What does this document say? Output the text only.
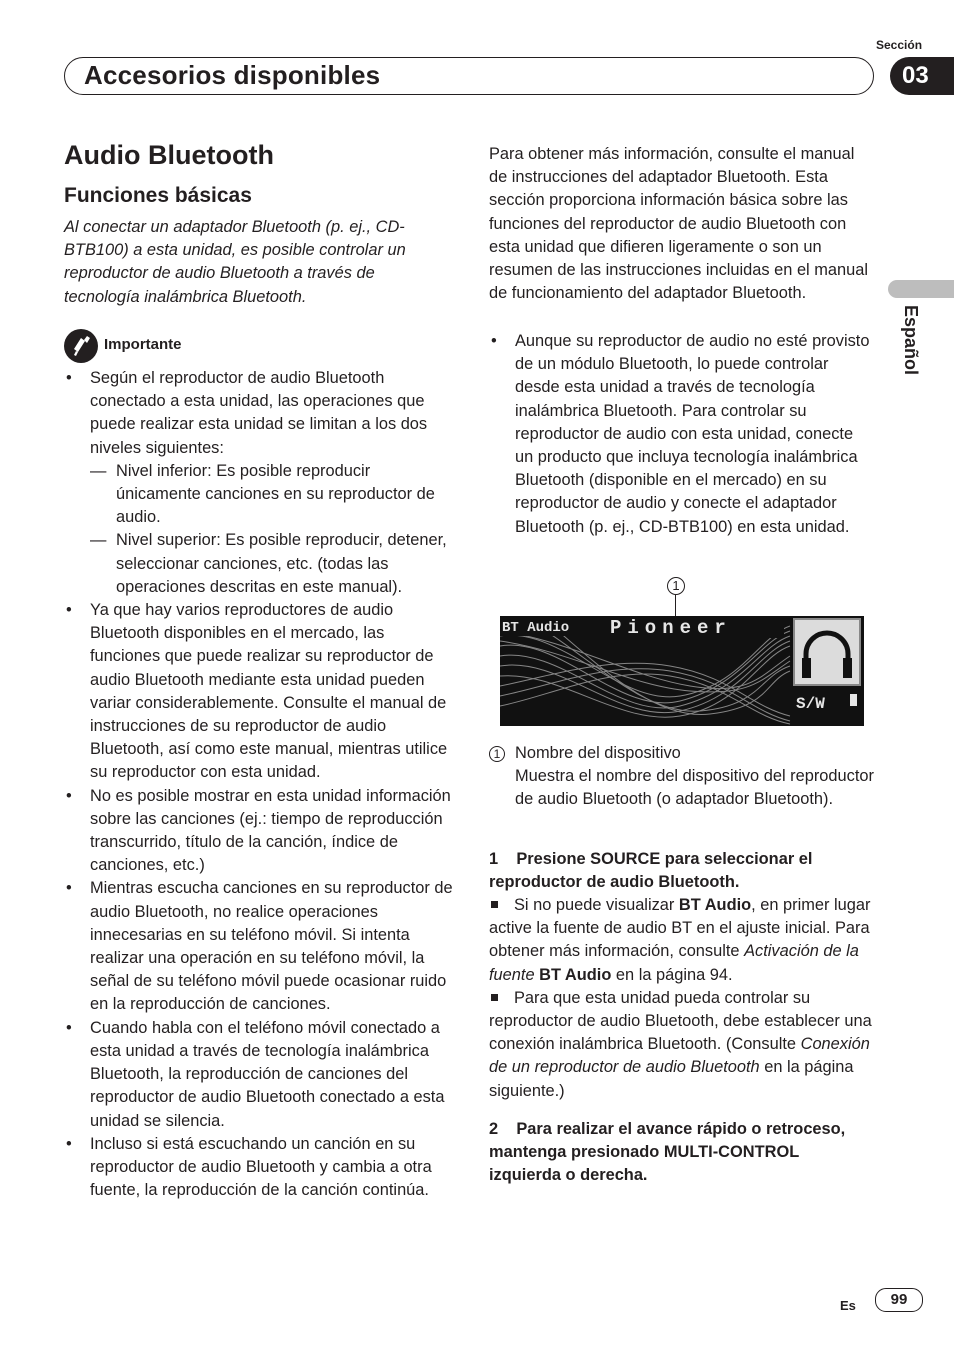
Sección
Accesorios disponibles	03
Español
Audio Bluetooth
Funciones básicas

Al conectar un adaptador Bluetooth (p. ej., CD-BTB100) a esta unidad, es posible controlar un reproductor de audio Bluetooth a través de tecnología inalámbrica Bluetooth.

Importante
• Según el reproductor de audio Bluetooth conectado a esta unidad, las operaciones que puede realizar esta unidad se limitan a los dos niveles siguientes:
— Nivel inferior: Es posible reproducir únicamente canciones en su reproductor de audio.
— Nivel superior: Es posible reproducir, detener, seleccionar canciones, etc. (todas las operaciones descritas en este manual).
• Ya que hay varios reproductores de audio Bluetooth disponibles en el mercado, las funciones que puede realizar su reproductor de audio Bluetooth mediante esta unidad pueden variar considerablemente. Consulte el manual de instrucciones de su reproductor de audio Bluetooth, así como este manual, mientras utilice su reproductor con esta unidad.
• No es posible mostrar en esta unidad información sobre las canciones (ej.: tiempo de reproducción transcurrido, título de la canción, índice de canciones, etc.)
• Mientras escucha canciones en su reproductor de audio Bluetooth, no realice operaciones innecesarias en su teléfono móvil. Si intenta realizar una operación en su teléfono móvil, la señal de su teléfono móvil puede ocasionar ruido en la reproducción de canciones.
• Cuando habla con el teléfono móvil conectado a esta unidad a través de tecnología inalámbrica Bluetooth, la reproducción de canciones del reproductor de audio Bluetooth conectado a esta unidad se silencia.
• Incluso si está escuchando un canción en su reproductor de audio Bluetooth y cambia a otra fuente, la reproducción de la canción continúa.

Para obtener más información, consulte el manual de instrucciones del adaptador Bluetooth. Esta sección proporciona información básica sobre las funciones del reproductor de audio Bluetooth con esta unidad que difieren ligeramente o son un resumen de las instrucciones incluidas en el manual de funcionamiento del adaptador Bluetooth.

• Aunque su reproductor de audio no esté provisto de un módulo Bluetooth, lo puede controlar desde esta unidad a través de tecnología inalámbrica Bluetooth. Para controlar su reproductor de audio con esta unidad, conecte un producto que incluya tecnología inalámbrica Bluetooth (disponible en el mercado) en su reproductor de audio y conecte el adaptador Bluetooth (p. ej., CD-BTB100) en esta unidad.
1
BT Audio Pioneer
S/W
1 Nombre del dispositivo
Muestra el nombre del dispositivo del reproductor de audio Bluetooth (o adaptador Bluetooth).
1 Presione SOURCE para seleccionar el reproductor de audio Bluetooth.

Si no puede visualizar BT Audio, en primer lugar active la fuente de audio BT en el ajuste inicial. Para obtener más información, consulte Activación de la fuente BT Audio en la página 94.

Para que esta unidad pueda controlar su reproductor de audio Bluetooth, debe establecer una conexión inalámbrica Bluetooth. (Consulte Conexión de un reproductor de audio Bluetooth en la página siguiente.)

2 Para realizar el avance rápido o retroceso, mantenga presionado MULTI-CONTROL izquierda o derecha.
Es	99
